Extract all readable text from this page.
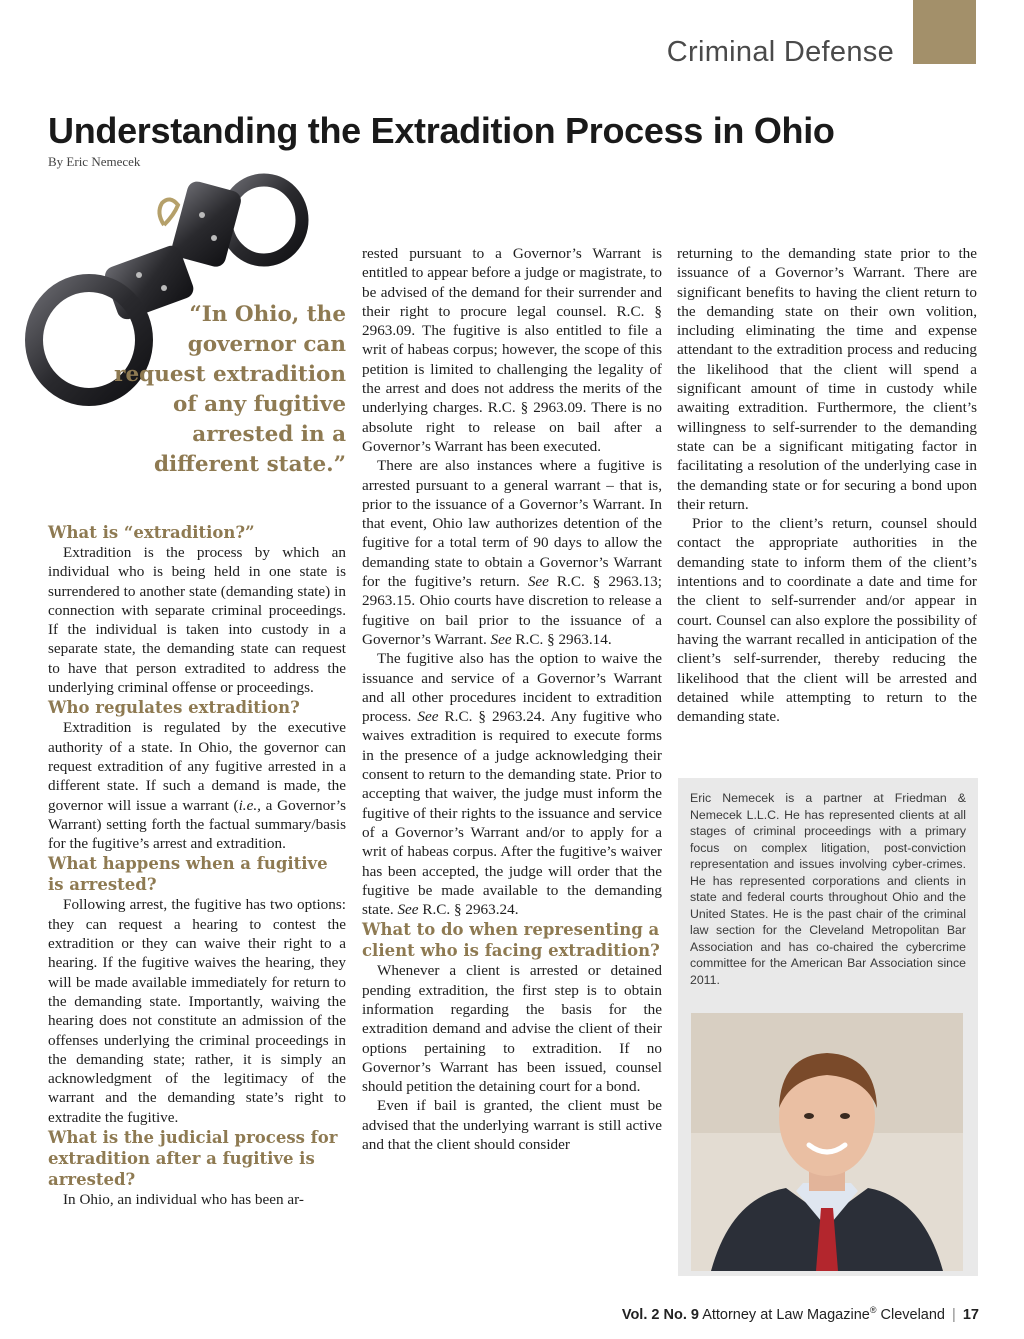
Criminal Defense
Understanding the Extradition Process in Ohio
By Eric Nemecek
“In Ohio, the governor can request extradition of any fugitive arrested in a different state.”
What is “extradition?”

Extradition is the process by which an individual who is being held in one state is surrendered to another state (demanding state) in connection with separate criminal proceedings. If the individual is taken into custody in a separate state, the demanding state can request to have that person extradited to address the underlying criminal offense or proceedings.

Who regulates extradition?

Extradition is regulated by the executive authority of a state. In Ohio, the governor can request extradition of any fugitive arrested in a different state. If such a demand is made, the governor will issue a warrant (i.e., a Governor’s Warrant) setting forth the factual summary/basis for the fugitive’s arrest and extradition.

What happens when a fugitive is arrested?

Following arrest, the fugitive has two options: they can request a hearing to contest the extradition or they can waive their right to a hearing. If the fugitive waives the hearing, they will be made available immediately for return to the demanding state. Importantly, waiving the hearing does not constitute an admission of the offenses underlying the criminal proceedings in the demanding state; rather, it is simply an acknowledgment of the legitimacy of the warrant and the demanding state’s right to extradite the fugitive.

What is the judicial process for extradition after a fugitive is arrested?

In Ohio, an individual who has been ar-

rested pursuant to a Governor’s Warrant is entitled to appear before a judge or magistrate, to be advised of the demand for their surrender and their right to procure legal counsel. R.C. § 2963.09. The fugitive is also entitled to file a writ of habeas corpus; however, the scope of this petition is limited to challenging the legality of the arrest and does not address the merits of the underlying charges. R.C. § 2963.09. There is no absolute right to release on bail after a Governor’s Warrant has been executed.

There are also instances where a fugitive is arrested pursuant to a general warrant – that is, prior to the issuance of a Governor’s Warrant. In that event, Ohio law authorizes detention of the fugitive for a total term of 90 days to allow the demanding state to obtain a Governor’s Warrant for the fugitive’s return. See R.C. § 2963.13; 2963.15. Ohio courts have discretion to release a fugitive on bail prior to the issuance of a Governor’s Warrant. See R.C. § 2963.14.

The fugitive also has the option to waive the issuance and service of a Governor’s Warrant and all other procedures incident to extradition process. See R.C. § 2963.24. Any fugitive who waives extradition is required to execute forms in the presence of a judge acknowledging their consent to return to the demanding state. Prior to accepting that waiver, the judge must inform the fugitive of their rights to the issuance and service of a Governor’s Warrant and/or to apply for a writ of habeas corpus. After the fugitive’s waiver has been accepted, the judge will order that the fugitive be made available to the demanding state. See R.C. § 2963.24.

What to do when representing a client who is facing extradition?

Whenever a client is arrested or detained pending extradition, the first step is to obtain information regarding the basis for the extradition demand and advise the client of their options pertaining to extradition. If no Governor’s Warrant has been issued, counsel should petition the detaining court for a bond.

Even if bail is granted, the client must be advised that the underlying warrant is still active and that the client should consider

returning to the demanding state prior to the issuance of a Governor’s Warrant. There are significant benefits to having the client return to the demanding state on their own volition, including eliminating the time and expense attendant to the extradition process and reducing the likelihood that the client will spend a significant amount of time in custody while awaiting extradition. Furthermore, the client’s willingness to self-surrender to the demanding state can be a significant mitigating factor in facilitating a resolution of the underlying case in the demanding state or for securing a bond upon their return.

Prior to the client’s return, counsel should contact the appropriate authorities in the demanding state to inform them of the client’s intentions and to coordinate a date and time for the client to self-surrender and/or appear in court. Counsel can also explore the possibility of having the warrant recalled in anticipation of the client’s self-surrender, thereby reducing the likelihood that the client will be arrested and detained while attempting to return to the demanding state.

Eric Nemecek is a partner at Friedman & Nemecek L.L.C. He has represented clients at all stages of criminal proceedings with a primary focus on complex litigation, post-conviction representation and issues involving cyber-crimes. He has represented corporations and clients in state and federal courts throughout Ohio and the United States. He is the past chair of the criminal law section for the Cleveland Metropolitan Bar Association and has co-chaired the cybercrime committee for the American Bar Association since 2011.
Vol. 2 No. 9 Attorney at Law Magazine® Cleveland | 17
